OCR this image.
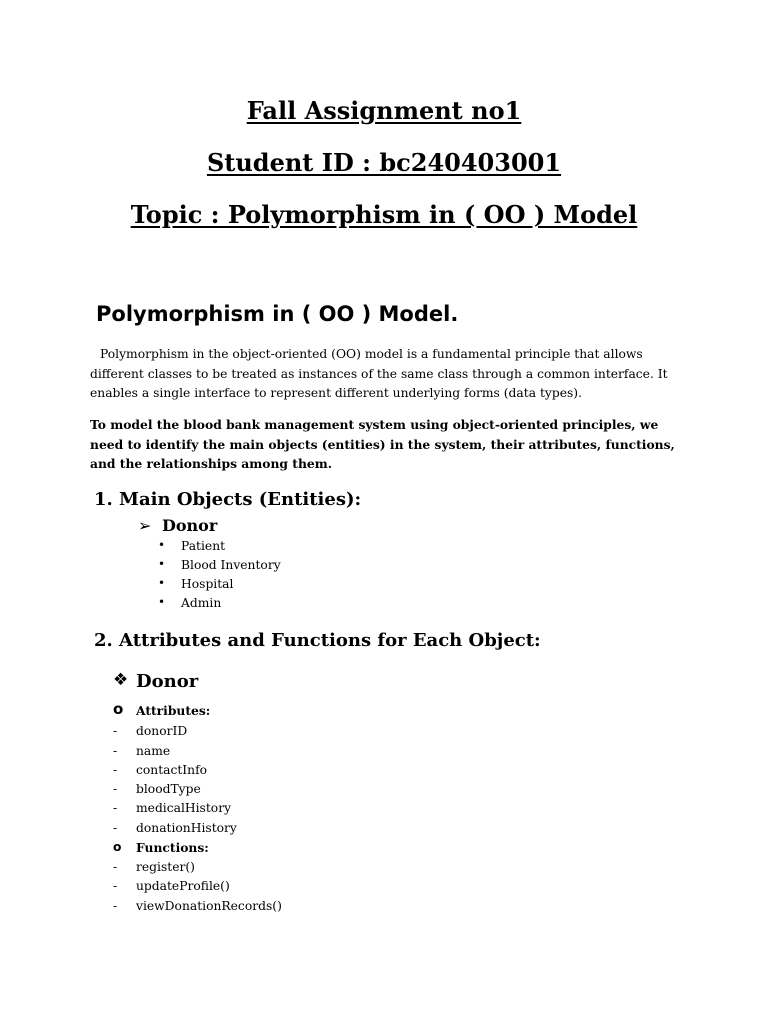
Fall Assignment no1
Student ID : bc240403001
Topic : Polymorphism in ( OO ) Model
Polymorphism in ( OO ) Model.
Polymorphism in the object-oriented (OO) model is a fundamental principle that allows different classes to be treated as instances of the same class through a common interface. It enables a single interface to represent different underlying forms (data types).
To model the blood bank management system using object-oriented principles, we need to identify the main objects (entities) in the system, their attributes, functions, and the relationships among them.
1. Main Objects (Entities):
➢ Donor
• Patient
• Blood Inventory
• Hospital
• Admin
2. Attributes and Functions for Each Object:
❖ Donor
o Attributes:
- donorID
- name
- contactInfo
- bloodType
- medicalHistory
- donationHistory
o Functions:
- register()
- updateProfile()
- viewDonationRecords()
